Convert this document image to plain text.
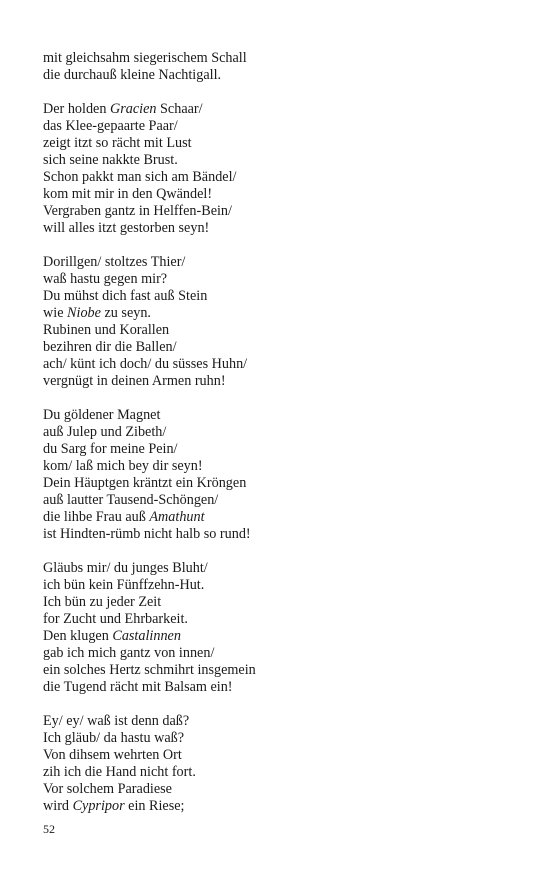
mit gleichsahm siegerischem Schall
die durchauß kleine Nachtigall.
Der holden Gracien Schaar/
das Klee-gepaarte Paar/
zeigt itzt so rächt mit Lust
sich seine nakkte Brust.
Schon pakkt man sich am Bändel/
kom mit mir in den Qwändel!
Vergraben gantz in Helffen-Bein/
will alles itzt gestorben seyn!
Dorillgen/ stoltzes Thier/
waß hastu gegen mir?
Du mühst dich fast auß Stein
wie Niobe zu seyn.
Rubinen und Korallen
bezihren dir die Ballen/
ach/ künt ich doch/ du süsses Huhn/
vergnügt in deinen Armen ruhn!
Du göldener Magnet
auß Julep und Zibeth/
du Sarg for meine Pein/
kom/ laß mich bey dir seyn!
Dein Häuptgen kräntzt ein Kröngen
auß lautter Tausend-Schöngen/
die lihbe Frau auß Amathunt
ist Hindten-rümb nicht halb so rund!
Gläubs mir/ du junges Bluht/
ich bün kein Fünffzehn-Hut.
Ich bün zu jeder Zeit
for Zucht und Ehrbarkeit.
Den klugen Castalinnen
gab ich mich gantz von innen/
ein solches Hertz schmihrt insgemein
die Tugend rächt mit Balsam ein!
Ey/ ey/ waß ist denn daß?
Ich gläub/ da hastu waß?
Von dihsem wehrten Ort
zih ich die Hand nicht fort.
Vor solchem Paradiese
wird Cypripor ein Riese;
52
